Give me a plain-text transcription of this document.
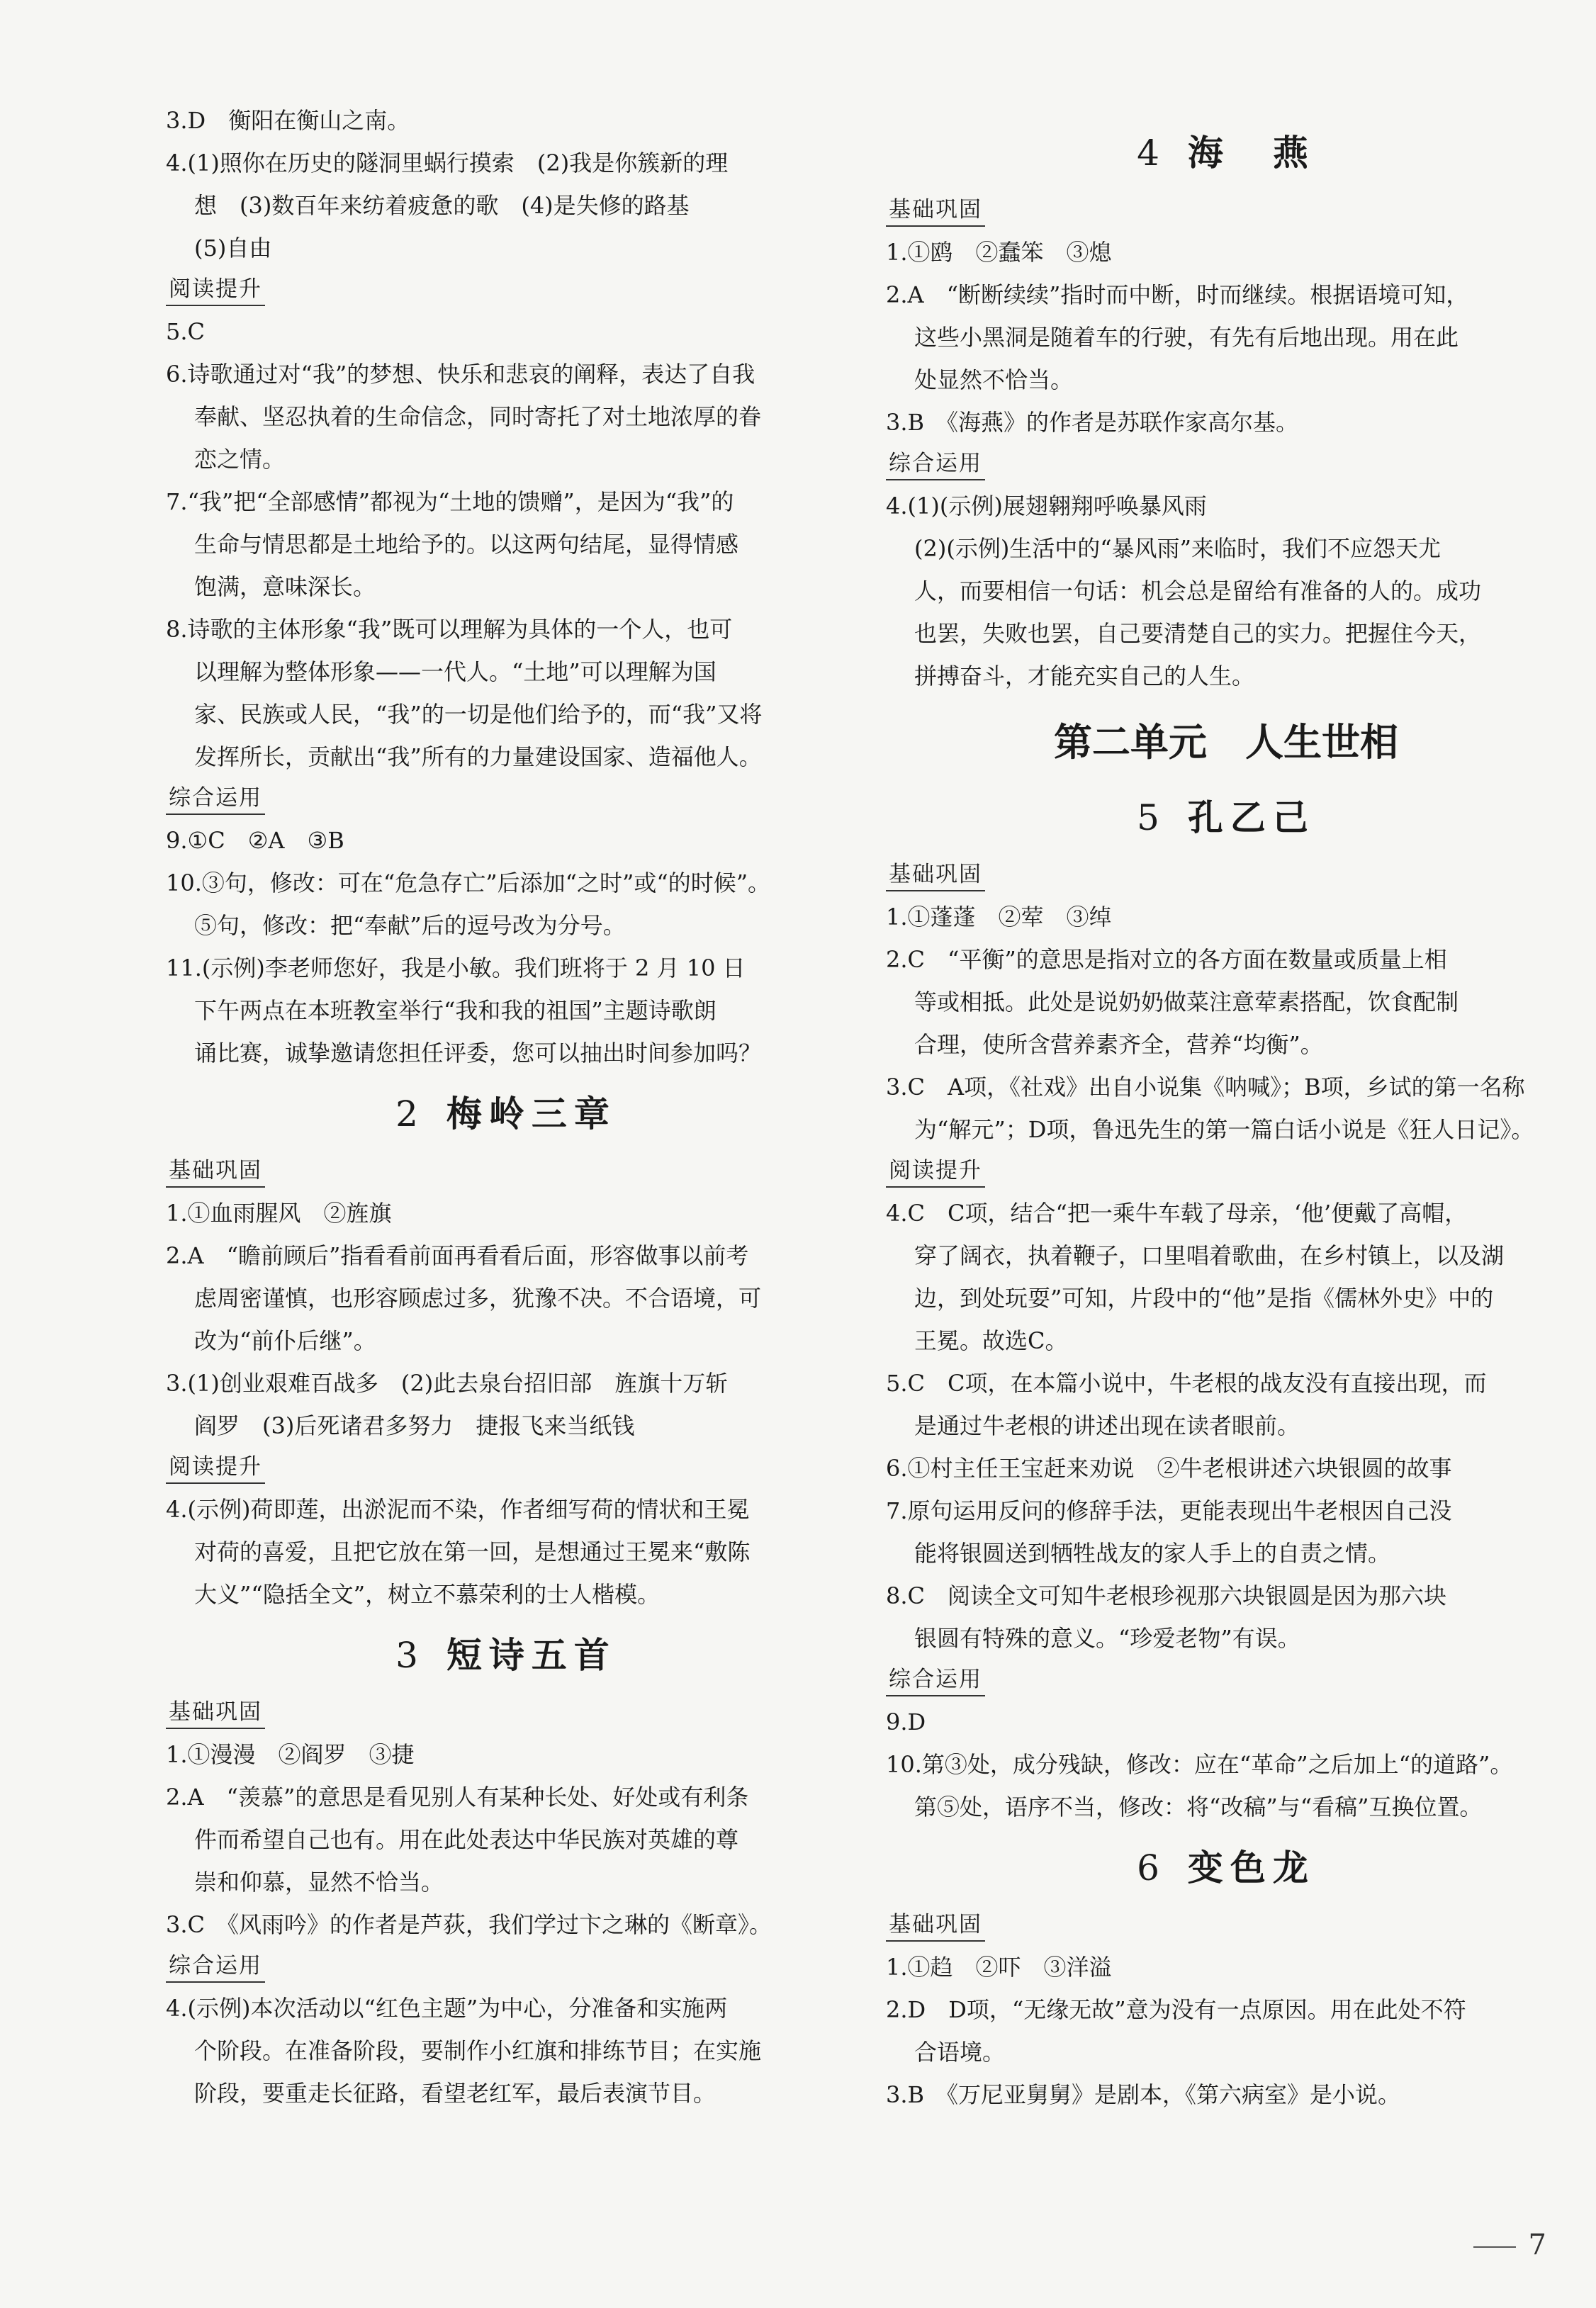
3.D　衡阳在衡山之南。
4.(1)照你在历史的隧洞里蜗行摸索　(2)我是你簇新的理
想　(3)数百年来纺着疲惫的歌　(4)是失修的路基
(5)自由
阅读提升
5.C
6.诗歌通过对“我”的梦想、快乐和悲哀的阐释，表达了自我
奉献、坚忍执着的生命信念，同时寄托了对土地浓厚的眷
恋之情。
7.“我”把“全部感情”都视为“土地的馈赠”，是因为“我”的
生命与情思都是土地给予的。以这两句结尾，显得情感
饱满，意味深长。
8.诗歌的主体形象“我”既可以理解为具体的一个人，也可
以理解为整体形象——一代人。“土地”可以理解为国
家、民族或人民，“我”的一切是他们给予的，而“我”又将
发挥所长，贡献出“我”所有的力量建设国家、造福他人。
综合运用
9.①C　②A　③B
10.③句，修改：可在“危急存亡”后添加“之时”或“的时候”。
⑤句，修改：把“奉献”后的逗号改为分号。
11.(示例)李老师您好，我是小敏。我们班将于 2 月 10 日
下午两点在本班教室举行“我和我的祖国”主题诗歌朗
诵比赛，诚挚邀请您担任评委，您可以抽出时间参加吗？
2 梅岭三章
基础巩固
1.①血雨腥风　②旌旗
2.A　“瞻前顾后”指看看前面再看看后面，形容做事以前考
虑周密谨慎，也形容顾虑过多，犹豫不决。不合语境，可
改为“前仆后继”。
3.(1)创业艰难百战多　(2)此去泉台招旧部　旌旗十万斩
阎罗　(3)后死诸君多努力　捷报飞来当纸钱
阅读提升
4.(示例)荷即莲，出淤泥而不染，作者细写荷的情状和王冕
对荷的喜爱，且把它放在第一回，是想通过王冕来“敷陈
大义”“隐括全文”，树立不慕荣利的士人楷模。
3 短诗五首
基础巩固
1.①漫漫　②阎罗　③捷
2.A　“羡慕”的意思是看见别人有某种长处、好处或有利条
件而希望自己也有。用在此处表达中华民族对英雄的尊
崇和仰慕，显然不恰当。
3.C　《风雨吟》的作者是芦荻，我们学过卞之琳的《断章》。
综合运用
4.(示例)本次活动以“红色主题”为中心，分准备和实施两
个阶段。在准备阶段，要制作小红旗和排练节目；在实施
阶段，要重走长征路，看望老红军，最后表演节目。
4 海　燕
基础巩固
1.①鸥　②蠢笨　③熄
2.A　“断断续续”指时而中断，时而继续。根据语境可知，
这些小黑洞是随着车的行驶，有先有后地出现。用在此
处显然不恰当。
3.B　《海燕》的作者是苏联作家高尔基。
综合运用
4.(1)(示例)展翅翱翔呼唤暴风雨
(2)(示例)生活中的“暴风雨”来临时，我们不应怨天尤
人，而要相信一句话：机会总是留给有准备的人的。成功
也罢，失败也罢，自己要清楚自己的实力。把握住今天，
拼搏奋斗，才能充实自己的人生。
第二单元　人生世相
5 孔乙己
基础巩固
1.①蓬蓬　②荤　③绰
2.C　“平衡”的意思是指对立的各方面在数量或质量上相
等或相抵。此处是说奶奶做菜注意荤素搭配，饮食配制
合理，使所含营养素齐全，营养“均衡”。
3.C　A项，《社戏》出自小说集《呐喊》；B项，乡试的第一名称
为“解元”；D项，鲁迅先生的第一篇白话小说是《狂人日记》。
阅读提升
4.C　C项，结合“把一乘牛车载了母亲，‘他’便戴了高帽，
穿了阔衣，执着鞭子，口里唱着歌曲，在乡村镇上，以及湖
边，到处玩耍”可知，片段中的“他”是指《儒林外史》中的
王冕。故选C。
5.C　C项，在本篇小说中，牛老根的战友没有直接出现，而
是通过牛老根的讲述出现在读者眼前。
6.①村主任王宝赶来劝说　②牛老根讲述六块银圆的故事
7.原句运用反问的修辞手法，更能表现出牛老根因自己没
能将银圆送到牺牲战友的家人手上的自责之情。
8.C　阅读全文可知牛老根珍视那六块银圆是因为那六块
银圆有特殊的意义。“珍爱老物”有误。
综合运用
9.D
10.第③处，成分残缺，修改：应在“革命”之后加上“的道路”。
第⑤处，语序不当，修改：将“改稿”与“看稿”互换位置。
6 变色龙
基础巩固
1.①趋　②吓　③洋溢
2.D　D项，“无缘无故”意为没有一点原因。用在此处不符
合语境。
3.B　《万尼亚舅舅》是剧本，《第六病室》是小说。
7
